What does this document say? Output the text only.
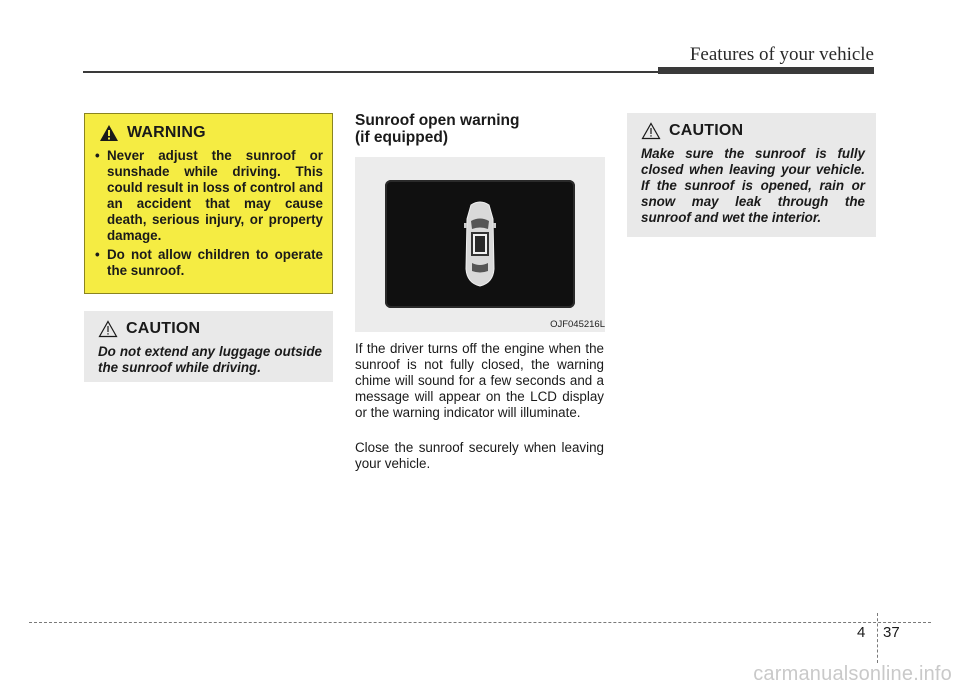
Features of your vehicle
WARNING
• Never adjust the sunroof or sunshade while driving. This could result in loss of control and an accident that may cause death, serious injury, or property damage.
• Do not allow children to operate the sunroof.
CAUTION

Do not extend any luggage outside the sunroof while driving.

Sunroof open warning
(if equipped)
OJF045216L

If the driver turns off the engine when the sunroof is not fully closed, the warning chime will sound for a few seconds and a message will appear on the LCD display or the warning indicator will illuminate.

Close the sunroof securely when leaving your vehicle.

CAUTION

Make sure the sunroof is fully closed when leaving your vehicle. If the sunroof is opened, rain or snow may leak through the sunroof and wet the interior.

4 37
carmanualsonline.info
